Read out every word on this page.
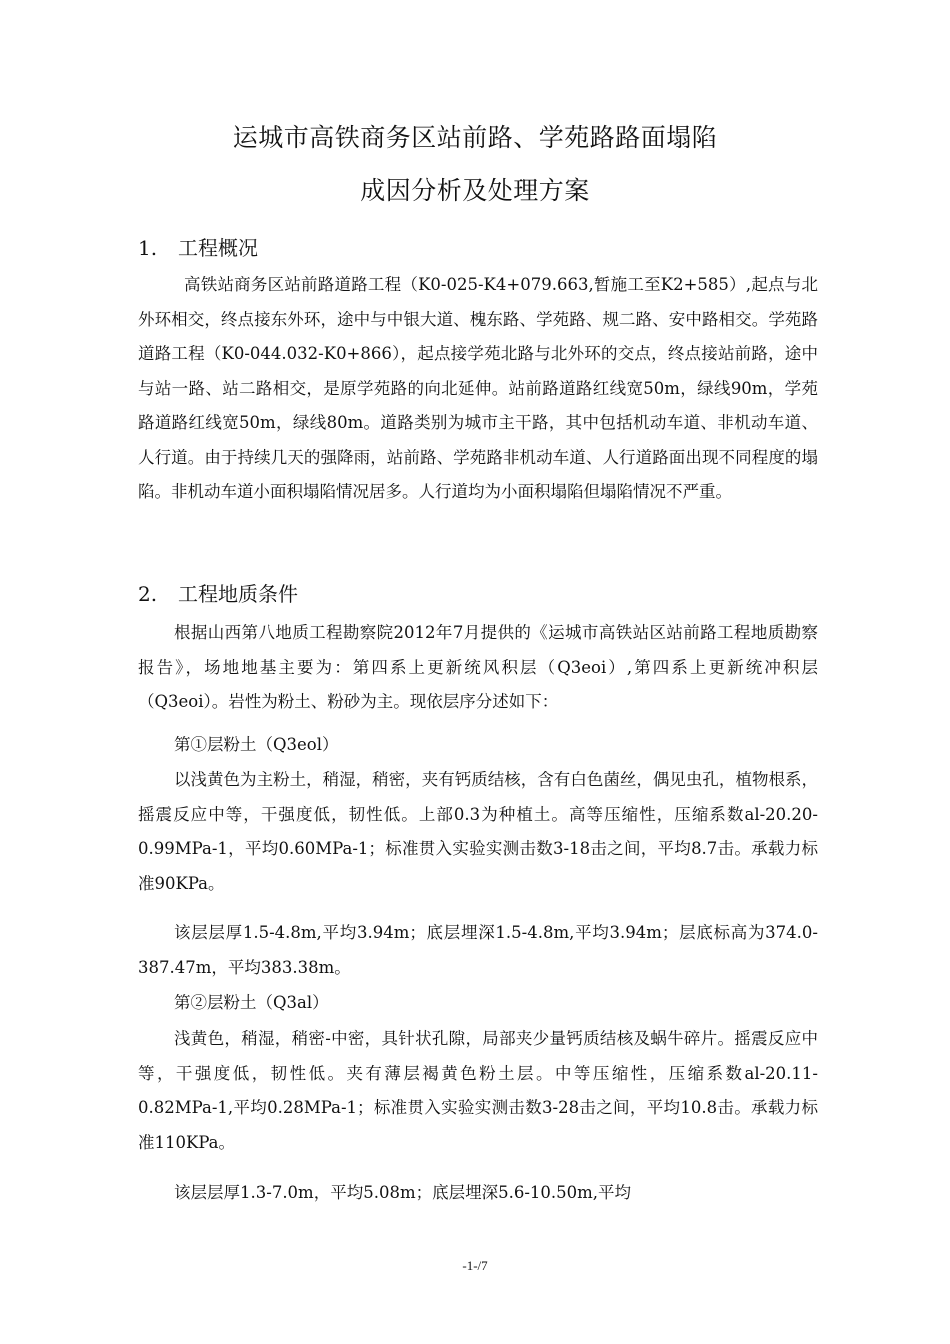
运城市高铁商务区站前路、学苑路路面塌陷
成因分析及处理方案
1. 工程概况

高铁站商务区站前路道路工程（K0-025-K4+079.663,暂施工至K2+585）,起点与北外环相交，终点接东外环，途中与中银大道、槐东路、学苑路、规二路、安中路相交。学苑路道路工程（K0-044.032-K0+866），起点接学苑北路与北外环的交点，终点接站前路，途中与站一路、站二路相交，是原学苑路的向北延伸。站前路道路红线宽50m，绿线90m，学苑路道路红线宽50m，绿线80m。道路类别为城市主干路，其中包括机动车道、非机动车道、人行道。由于持续几天的强降雨，站前路、学苑路非机动车道、人行道路面出现不同程度的塌陷。非机动车道小面积塌陷情况居多。人行道均为小面积塌陷但塌陷情况不严重。

2. 工程地质条件

根据山西第八地质工程勘察院2012年7月提供的《运城市高铁站区站前路工程地质勘察报告》，场地地基主要为：第四系上更新统风积层（Q3eoi）,第四系上更新统冲积层（Q3eoi）。岩性为粉土、粉砂为主。现依层序分述如下：

第①层粉土（Q3eol）

以浅黄色为主粉土，稍湿，稍密，夹有钙质结核，含有白色菌丝，偶见虫孔，植物根系，摇震反应中等，干强度低，韧性低。上部0.3为种植土。高等压缩性，压缩系数al-20.20-0.99MPa-1，平均0.60MPa-1；标准贯入实验实测击数3-18击之间，平均8.7击。承载力标准90KPa。

该层层厚1.5-4.8m,平均3.94m；底层埋深1.5-4.8m,平均3.94m；层底标高为374.0-387.47m，平均383.38m。

第②层粉土（Q3al）

浅黄色，稍湿，稍密-中密，具针状孔隙，局部夹少量钙质结核及蜗牛碎片。摇震反应中等，干强度低，韧性低。夹有薄层褐黄色粉土层。中等压缩性，压缩系数al-20.11-0.82MPa-1,平均0.28MPa-1；标准贯入实验实测击数3-28击之间，平均10.8击。承载力标准110KPa。

该层层厚1.3-7.0m，平均5.08m；底层埋深5.6-10.50m,平均

-1-/7
